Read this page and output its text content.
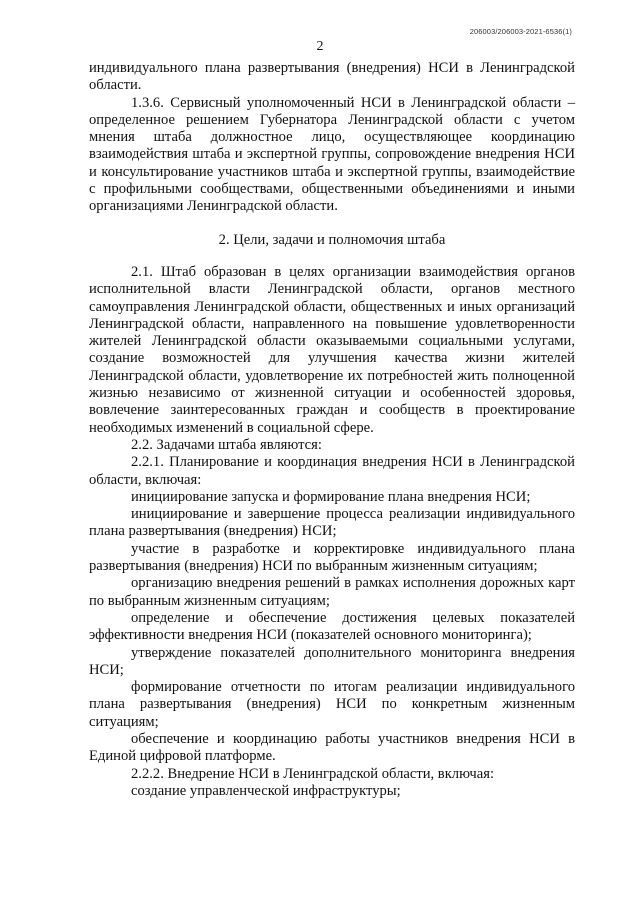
206003/206003-2021-6536(1)
2

индивидуального плана развертывания (внедрения) НСИ в Ленинградской области.

1.3.6. Сервисный уполномоченный НСИ в Ленинградской области – определенное решением Губернатора Ленинградской области с учетом мнения штаба должностное лицо, осуществляющее координацию взаимодействия штаба и экспертной группы, сопровождение внедрения НСИ и консультирование участников штаба и экспертной группы, взаимодействие с профильными сообществами, общественными объединениями и иными организациями Ленинградской области.

2. Цели, задачи и полномочия штаба

2.1. Штаб образован в целях организации взаимодействия органов исполнительной власти Ленинградской области, органов местного самоуправления Ленинградской области, общественных и иных организаций Ленинградской области, направленного на повышение удовлетворенности жителей Ленинградской области оказываемыми социальными услугами, создание возможностей для улучшения качества жизни жителей Ленинградской области, удовлетворение их потребностей жить полноценной жизнью независимо от жизненной ситуации и особенностей здоровья, вовлечение заинтересованных граждан и сообществ в проектирование необходимых изменений в социальной сфере.

2.2. Задачами штаба являются:

2.2.1. Планирование и координация внедрения НСИ в Ленинградской области, включая:

инициирование запуска и формирование плана внедрения НСИ;

инициирование и завершение процесса реализации индивидуального плана развертывания (внедрения) НСИ;

участие в разработке и корректировке индивидуального плана развертывания (внедрения) НСИ по выбранным жизненным ситуациям;

организацию внедрения решений в рамках исполнения дорожных карт по выбранным жизненным ситуациям;

определение и обеспечение достижения целевых показателей эффективности внедрения НСИ (показателей основного мониторинга);

утверждение показателей дополнительного мониторинга внедрения НСИ;

формирование отчетности по итогам реализации индивидуального плана развертывания (внедрения) НСИ по конкретным жизненным ситуациям;

обеспечение и координацию работы участников внедрения НСИ в Единой цифровой платформе.

2.2.2. Внедрение НСИ в Ленинградской области, включая:

создание управленческой инфраструктуры;
